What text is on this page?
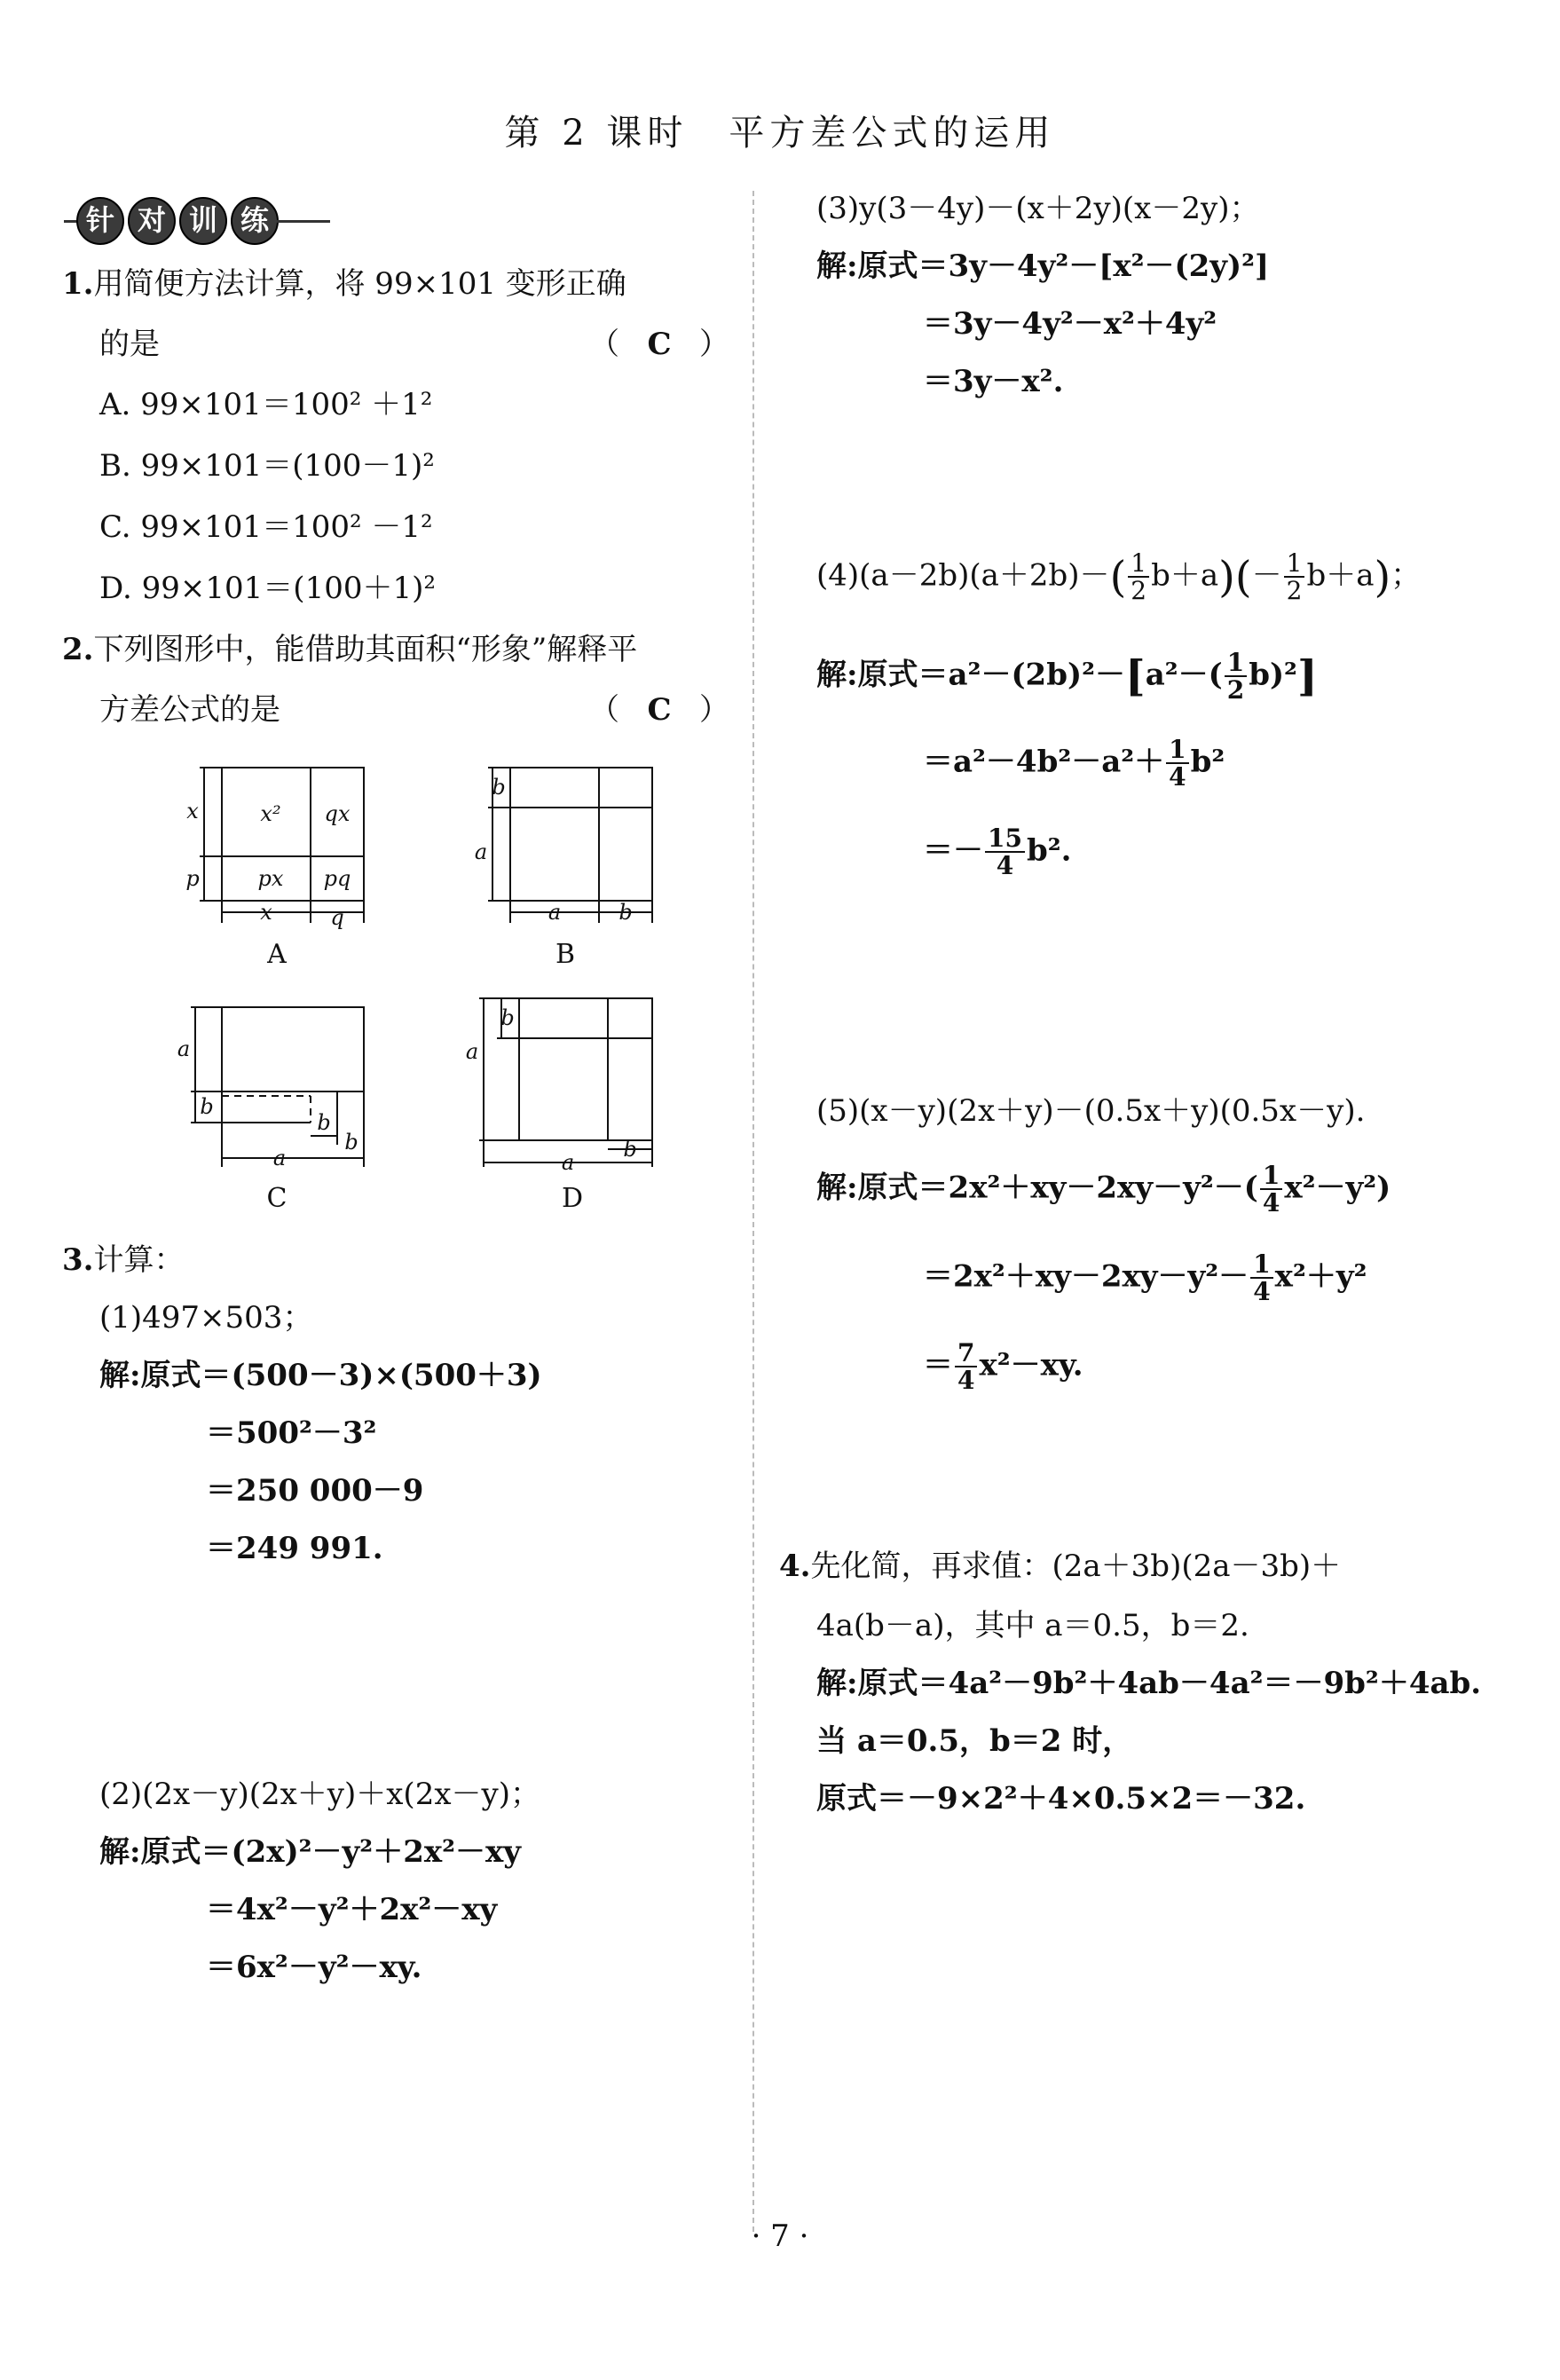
第 2 课时　平方差公式的运用
针 对 训 练
1.用简便方法计算，将 99×101 变形正确
的是	（ C ）
A. 99×101＝100² ＋1²
B. 99×101＝(100－1)²
C. 99×101＝100² －1²
D. 99×101＝(100＋1)²
2.下列图形中，能借助其面积“形象”解释平
方差公式的是	（ C ）
x² qx
px pq
x
p
x	q
A
b
a
a	b
B
a
b
a
b
b
C
b
a
a
b
D
3.计算：
(1)497×503；
解:原式＝(500－3)×(500＋3)
＝500²－3²
＝250 000－9
＝249 991.
(2)(2x－y)(2x＋y)＋x(2x－y)；
解:原式＝(2x)²－y²＋2x²－xy
＝4x²－y²＋2x²－xy
＝6x²－y²－xy.
(3)y(3－4y)－(x＋2y)(x－2y)；
解:原式＝3y－4y²－[x²－(2y)²]
＝3y－4y²－x²＋4y²
＝3y－x².
$(4)(a-2b)(a+2b)-( \frac{1}{2} b+a)(- \frac{1}{2} b+a)$；
解:原式$=a^2-(2b)^2-[a^2-( \frac{1}{2} b)^2]$
$=a^2-4b^2-a^2+ \frac{1}{4} b^2$
＝－ $\frac{15}{4} b^2$.
(5)(x－y)(2x＋y)－(0.5x＋y)(0.5x－y).
解:原式$=2x^2+xy-2xy-y^2-( \frac{1}{4} x^2-y^2)$
$=2x^2+xy-2xy-y^2- \frac{1}{4} x^2+y^2$
＝ $\frac{7}{4} x^2-xy$.
4.先化简，再求值：(2a＋3b)(2a－3b)＋
4a(b－a)，其中 a＝0.5，b＝2.
解:原式＝4a²－9b²＋4ab－4a²＝－9b²＋4ab.
当 a＝0.5，b＝2 时，
原式＝－9×2²＋4×0.5×2＝－32.
· 7 ·
